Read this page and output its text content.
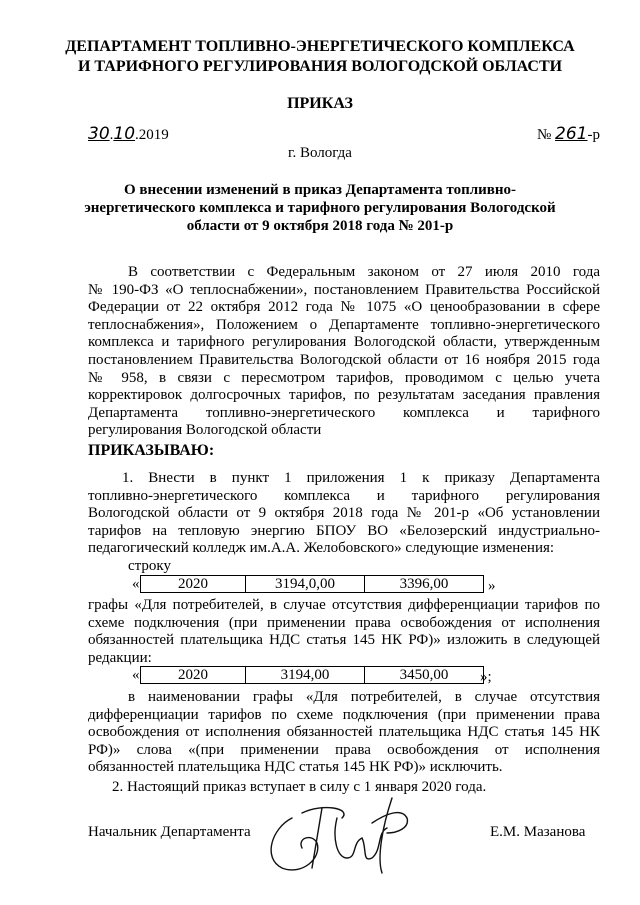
ДЕПАРТАМЕНТ ТОПЛИВНО-ЭНЕРГЕТИЧЕСКОГО КОМПЛЕКСА
И ТАРИФНОГО РЕГУЛИРОВАНИЯ ВОЛОГОДСКОЙ ОБЛАСТИ
ПРИКАЗ
30.10.2019	№ 261-р
г. Вологда
О внесении изменений в приказ Департамента топливно-
энергетического комплекса и тарифного регулирования Вологодской
области от 9 октября 2018 года № 201-р
В соответствии с Федеральным законом от 27 июля 2010 года
№ 190-ФЗ «О теплоснабжении», постановлением Правительства Российской
Федерации от 22 октября 2012 года № 1075 «О ценообразовании в сфере
теплоснабжения», Положением о Департаменте топливно-энергетического
комплекса и тарифного регулирования Вологодской области, утвержденным
постановлением Правительства Вологодской области от 16 ноября 2015 года
№ 958, в связи с пересмотром тарифов, проводимом с целью учета
корректировок долгосрочных тарифов, по результатам заседания правления
Департамента топливно-энергетического комплекса и тарифного
регулирования Вологодской области
ПРИКАЗЫВАЮ:
1. Внести в пункт 1 приложения 1 к приказу Департамента
топливно-энергетического комплекса и тарифного регулирования
Вологодской области от 9 октября 2018 года № 201-р «Об установлении
тарифов на тепловую энергию БПОУ ВО «Белозерский индустриально-
педагогический колледж им.А.А. Желобовского» следующие изменения:
строку
«	2020	3194,0,00	3396,00	»
графы «Для потребителей, в случае отсутствия дифференциации тарифов по
схеме подключения (при применении права освобождения от исполнения
обязанностей плательщика НДС статья 145 НК РФ)» изложить в следующей
редакции:
«	2020	3194,00	3450,00 »;
в наименовании графы «Для потребителей, в случае отсутствия
дифференциации тарифов по схеме подключения (при применении права
освобождения от исполнения обязанностей плательщика НДС статья 145 НК
РФ)» слова «(при применении права освобождения от исполнения
обязанностей плательщика НДС статья 145 НК РФ)» исключить.
2. Настоящий приказ вступает в силу с 1 января 2020 года.
Начальник Департамента	Е.М. Мазанова
